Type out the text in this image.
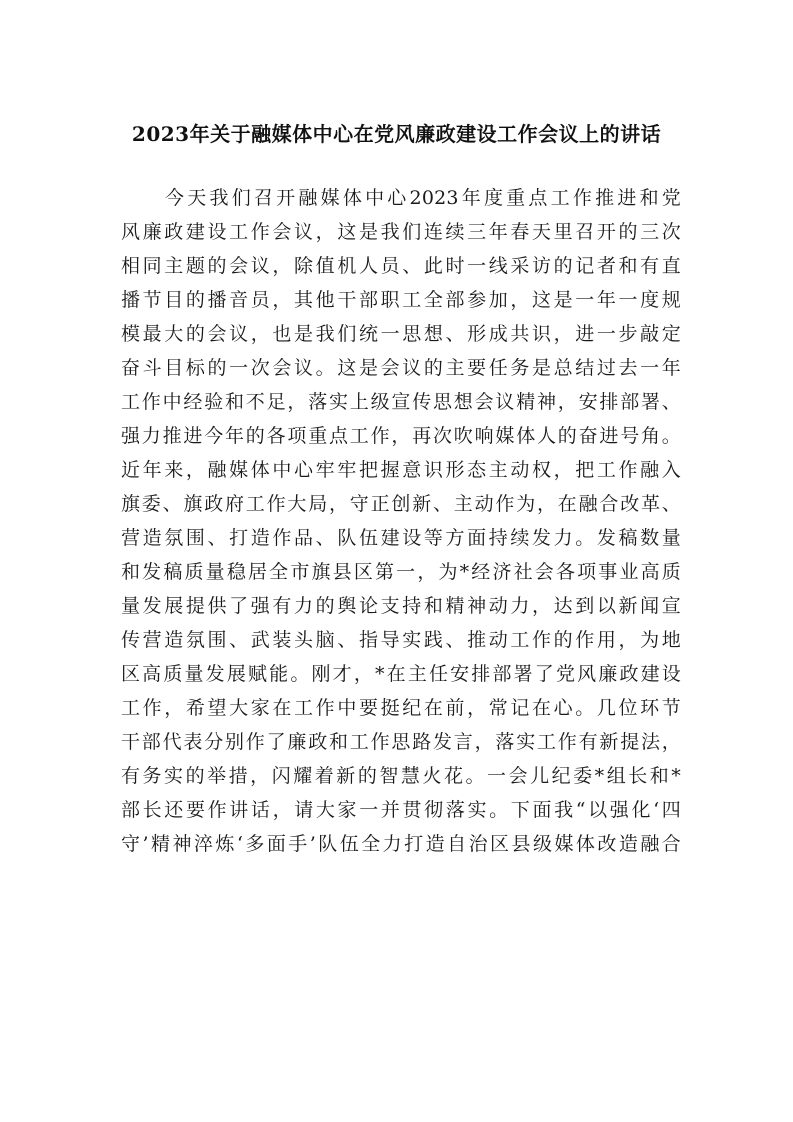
2023年关于融媒体中心在党风廉政建设工作会议上的讲话
今天我们召开融媒体中心2023年度重点工作推进和党
风廉政建设工作会议，这是我们连续三年春天里召开的三次
相同主题的会议，除值机人员、此时一线采访的记者和有直
播节目的播音员，其他干部职工全部参加，这是一年一度规
模最大的会议，也是我们统一思想、形成共识，进一步敲定
奋斗目标的一次会议。这是会议的主要任务是总结过去一年
工作中经验和不足，落实上级宣传思想会议精神，安排部署、
强力推进今年的各项重点工作，再次吹响媒体人的奋进号角。
近年来，融媒体中心牢牢把握意识形态主动权，把工作融入
旗委、旗政府工作大局，守正创新、主动作为，在融合改革、
营造氛围、打造作品、队伍建设等方面持续发力。发稿数量
和发稿质量稳居全市旗县区第一，为*经济社会各项事业高质
量发展提供了强有力的舆论支持和精神动力，达到以新闻宣
传营造氛围、武装头脑、指导实践、推动工作的作用，为地
区高质量发展赋能。刚才，*在主任安排部署了党风廉政建设
工作，希望大家在工作中要挺纪在前，常记在心。几位环节
干部代表分别作了廉政和工作思路发言，落实工作有新提法，
有务实的举措，闪耀着新的智慧火花。一会儿纪委*组长和*
部长还要作讲话，请大家一并贯彻落实。下面我“以强化‘四
守’精神淬炼‘多面手’队伍全力打造自治区县级媒体改造融合
